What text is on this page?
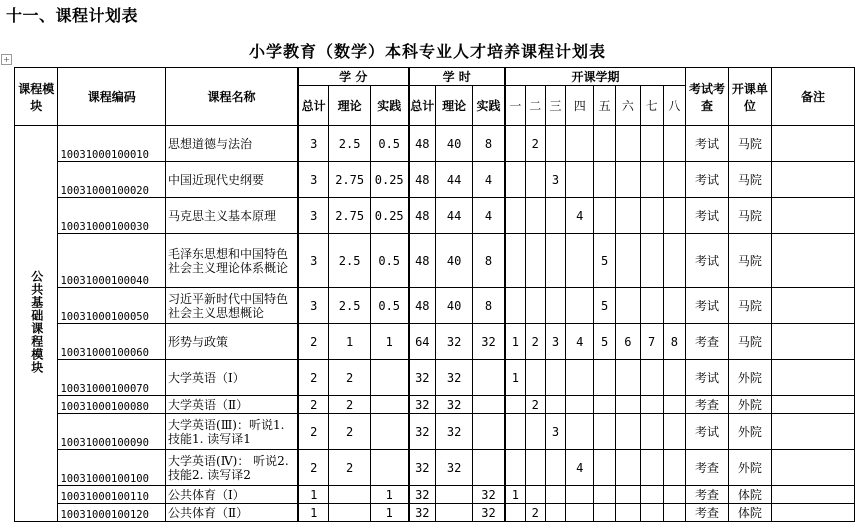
十一、课程计划表
+	小学教育（数学）本科专业人才培养课程计划表
课程模块	课程编码	课程名称	学 分			学 时			开课学期								考试考查	开课单位	备注
			总计	理论	实践	总计	理论	实践	一	二	三	四	五	六	七	八			
公共基础课程模块	10031000100010	思想道德与法治	3	2.5	0.5	48	40	8		2							考试	马院	
	10031000100020	中国近现代史纲要	3	2.75	0.25	48	44	4			3						考试	马院	
	10031000100030	马克思主义基本原理	3	2.75	0.25	48	44	4				4					考试	马院	
	10031000100040	毛泽东思想和中国特色社会主义理论体系概论	3	2.5	0.5	48	40	8					5				考试	马院	
	10031000100050	习近平新时代中国特色社会主义思想概论	3	2.5	0.5	48	40	8					5				考试	马院	
	10031000100060	形势与政策	2	1	1	64	32	32	1	2	3	4	5	6	7	8	考查	马院	
	10031000100070	大学英语（Ⅰ）	2	2		32	32		1								考试	外院	
	10031000100080	大学英语（Ⅱ）	2	2		32	32			2							考查	外院	
	10031000100090	大学英语(Ⅲ)：听说1. 技能1. 读写译1	2	2		32	32				3						考试	外院	
	10031000100100	大学英语(Ⅳ)： 听说2. 技能2. 读写译2	2	2		32	32					4					考查	外院	
	10031000100110	公共体育（Ⅰ）	1		1	32		32	1								考查	体院	
	10031000100120	公共体育（Ⅱ）	1		1	32		32		2							考查	体院	
